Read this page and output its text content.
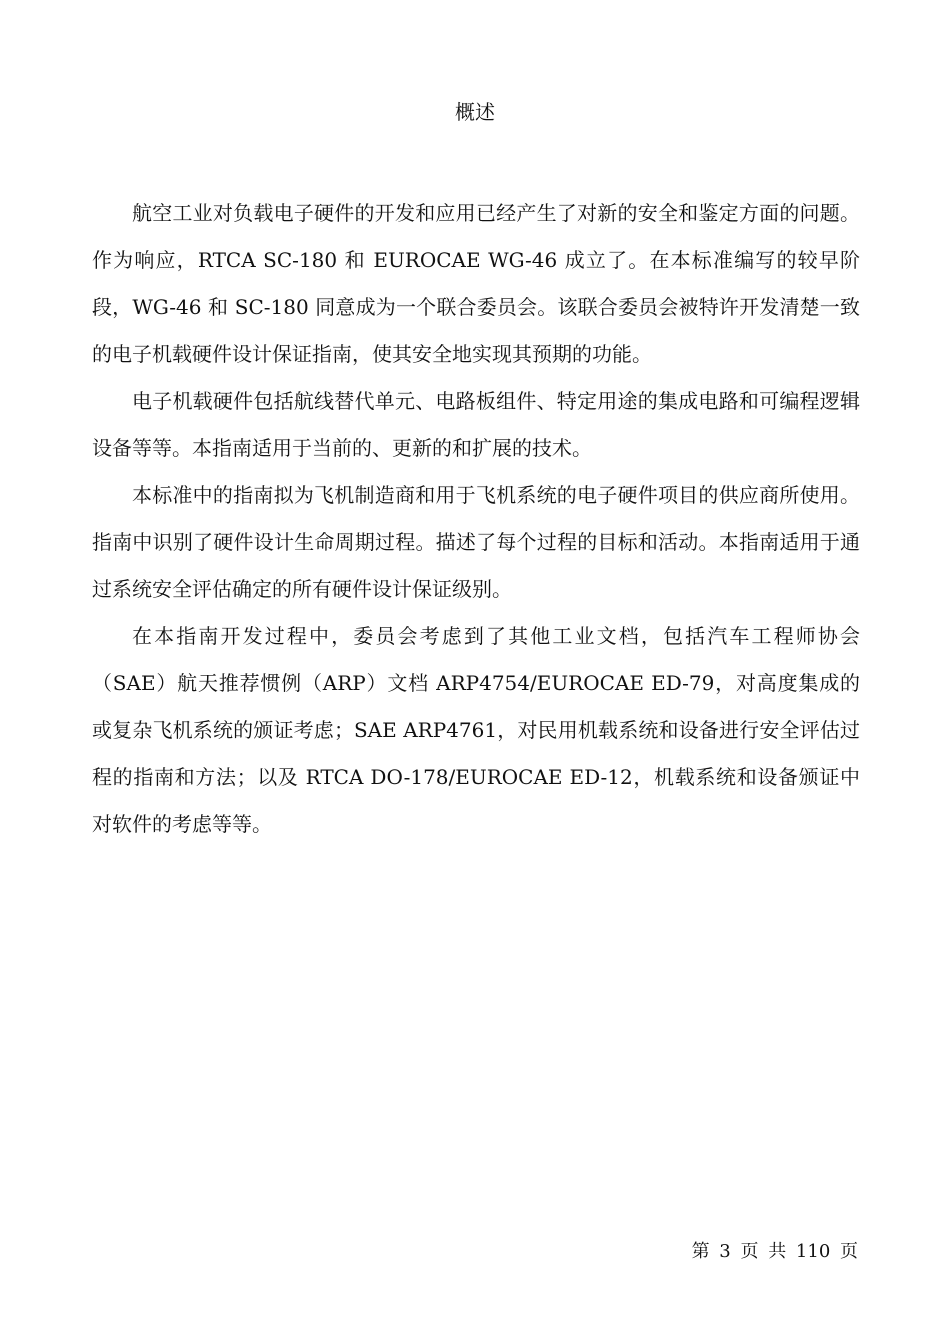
概述

航空工业对负载电子硬件的开发和应用已经产生了对新的安全和鉴定方面的问题。作为响应，RTCA SC-180 和 EUROCAE WG-46 成立了。在本标准编写的较早阶段，WG-46 和 SC-180 同意成为一个联合委员会。该联合委员会被特许开发清楚一致的电子机载硬件设计保证指南，使其安全地实现其预期的功能。

电子机载硬件包括航线替代单元、电路板组件、特定用途的集成电路和可编程逻辑设备等等。本指南适用于当前的、更新的和扩展的技术。

本标准中的指南拟为飞机制造商和用于飞机系统的电子硬件项目的供应商所使用。指南中识别了硬件设计生命周期过程。描述了每个过程的目标和活动。本指南适用于通过系统安全评估确定的所有硬件设计保证级别。

在本指南开发过程中，委员会考虑到了其他工业文档，包括汽车工程师协会（SAE）航天推荐惯例（ARP）文档 ARP4754/EUROCAE ED-79，对高度集成的或复杂飞机系统的颁证考虑；SAE ARP4761，对民用机载系统和设备进行安全评估过程的指南和方法；以及 RTCA DO-178/EUROCAE ED-12，机载系统和设备颁证中对软件的考虑等等。

第 3 页 共 110 页
